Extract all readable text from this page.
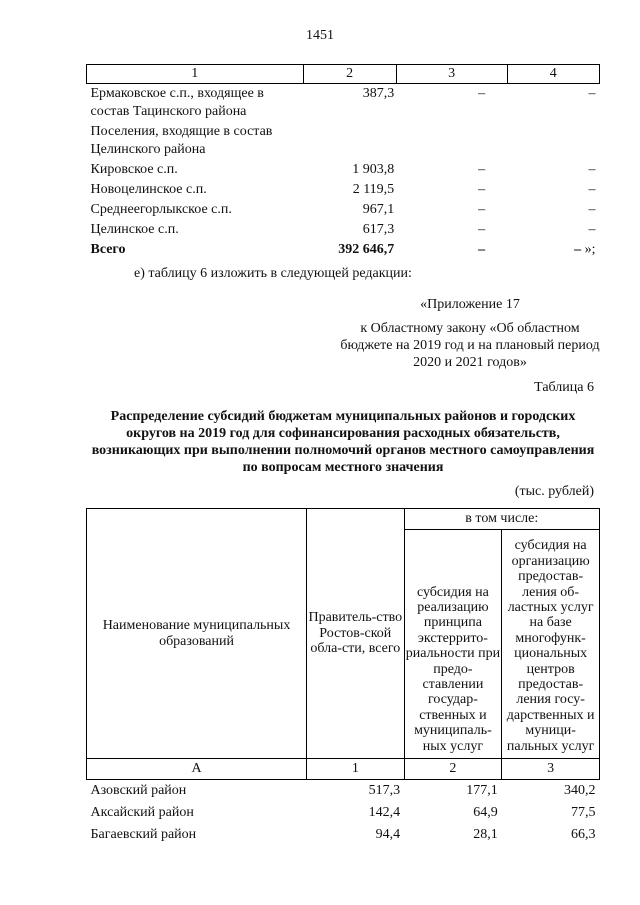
1451
1	2	3	4
Ермаковское с.п., входящее в состав Тацинского района	387,3	–	–
Поселения, входящие в состав Целинского района			
Кировское с.п.	1 903,8	–	–
Новоцелинское с.п.	2 119,5	–	–
Среднеегорлыкское с.п.	967,1	–	–
Целинское с.п.	617,3	–	–
Всего	392 646,7	–	– »;
е) таблицу 6 изложить в следующей редакции:
«Приложение 17
к Областному закону «Об областном бюджете на 2019 год и на плановый период 2020 и 2021 годов»
Таблица 6
Распределение субсидий бюджетам муниципальных районов и городских округов на 2019 год для софинансирования расходных обязательств, возникающих при выполнении полномочий органов местного самоуправления по вопросам местного значения
(тыс. рублей)
Наименование муниципальных образований	Правитель-ство Ростов-ской обла-сти, всего	в том числе:	
		субсидия на реализацию принципа экстеррито-риальности при предо-ставлении государ-ственных и муниципаль-ных услуг	субсидия на организацию предостав-ления об-ластных услуг на базе многофунк-циональных центров предостав-ления госу-дарственных и муници-пальных услуг
А	1	2	3
Азовский район	517,3	177,1	340,2
Аксайский район	142,4	64,9	77,5
Багаевский район	94,4	28,1	66,3
